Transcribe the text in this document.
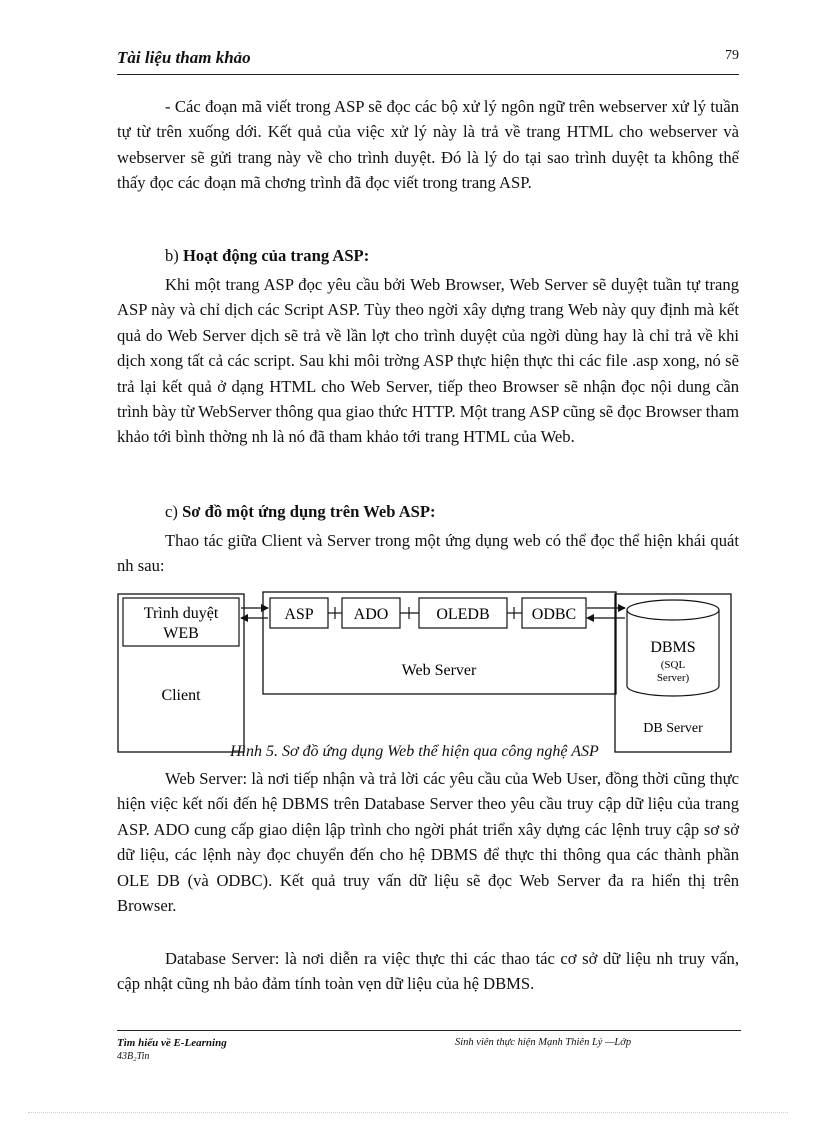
Tài liệu tham khảo	79

- Các đoạn mã viết trong ASP sẽ đọc các bộ xử lý ngôn ngữ trên webserver xử lý tuần tự từ trên xuống dới. Kết quả của việc xử lý này là trả về trang HTML cho webserver và webserver sẽ gửi trang này về cho trình duyệt. Đó là lý do tại sao trình duyệt ta không thể thấy đọc các đoạn mã chơng trình đã đọc viết trong trang ASP.

b) Hoạt động của trang ASP:

Khi một trang ASP đọc yêu cầu bởi Web Browser, Web Server sẽ duyệt tuần tự trang ASP này và chỉ dịch các Script ASP. Tùy theo ngời xây dựng trang Web này quy định mà kết quả do Web Server dịch sẽ trả về lần lợt cho trình duyệt của ngời dùng hay là chỉ trả về khi dịch xong tất cả các script. Sau khi môi trờng ASP thực hiện thực thi các file .asp xong, nó sẽ trả lại kết quả ở dạng HTML cho Web Server, tiếp theo Browser sẽ nhận đọc nội dung cần trình bày từ WebServer thông qua giao thức HTTP. Một trang ASP cũng sẽ đọc Browser tham khảo tới bình thờng nh là nó đã tham khảo tới trang HTML của Web.

c) Sơ đồ một ứng dụng trên Web ASP:

Thao tác giữa Client và Server trong một ứng dụng web có thể đọc thể hiện khái quát nh sau:

Trình duyệt
WEB
Client
Web Server
ASP ADO	OLEDB	ODBC
DBMS
(SQL
Server)
DB Server
Hình 5. Sơ đồ ứng dụng Web thể hiện qua công nghệ ASP

Web Server: là nơi tiếp nhận và trả lời các yêu cầu của Web User, đồng thời cũng thực hiện việc kết nối đến hệ DBMS trên Database Server theo yêu cầu truy cập dữ liệu của trang ASP. ADO cung cấp giao diện lập trình cho ngời phát triển xây dựng các lệnh truy cập sơ sở dữ liệu, các lệnh này đọc chuyển đến cho hệ DBMS để thực thi thông qua các thành phần OLE DB (và ODBC). Kết quả truy vấn dữ liệu sẽ đọc Web Server đa ra hiển thị trên Browser.

Database Server: là nơi diễn ra việc thực thi các thao tác cơ sở dữ liệu nh truy vấn, cập nhật cũng nh bảo đảm tính toàn vẹn dữ liệu của hệ DBMS.

Tìm hiểu về E-Learning
43B₂Tin
Sinh viên thực hiện Mạnh Thiên Lý —Lớp
